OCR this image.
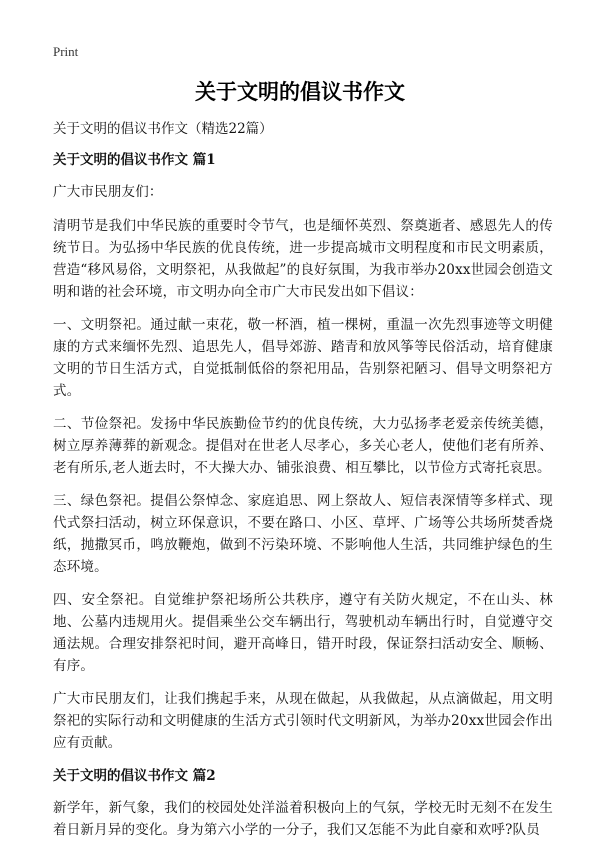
Print
关于文明的倡议书作文

关于文明的倡议书作文（精选22篇）

关于文明的倡议书作文 篇1

广大市民朋友们：

清明节是我们中华民族的重要时令节气，也是缅怀英烈、祭奠逝者、感恩先人的传统节日。为弘扬中华民族的优良传统，进一步提高城市文明程度和市民文明素质，营造“移风易俗，文明祭祀，从我做起”的良好氛围，为我市举办20xx世园会创造文明和谐的社会环境，市文明办向全市广大市民发出如下倡议：

一、文明祭祀。通过献一束花，敬一杯酒，植一棵树，重温一次先烈事迹等文明健康的方式来缅怀先烈、追思先人，倡导郊游、踏青和放风筝等民俗活动，培育健康文明的节日生活方式，自觉抵制低俗的祭祀用品，告别祭祀陋习、倡导文明祭祀方式。

二、节俭祭祀。发扬中华民族勤俭节约的优良传统，大力弘扬孝老爱亲传统美德，树立厚养薄葬的新观念。提倡对在世老人尽孝心，多关心老人，使他们老有所养、老有所乐,老人逝去时，不大操大办、铺张浪费、相互攀比，以节俭方式寄托哀思。

三、绿色祭祀。提倡公祭悼念、家庭追思、网上祭故人、短信表深情等多样式、现代式祭扫活动，树立环保意识，不要在路口、小区、草坪、广场等公共场所焚香烧纸，抛撒冥币，鸣放鞭炮，做到不污染环境、不影响他人生活，共同维护绿色的生态环境。

四、安全祭祀。自觉维护祭祀场所公共秩序，遵守有关防火规定，不在山头、林地、公墓内违规用火。提倡乘坐公交车辆出行，驾驶机动车辆出行时，自觉遵守交通法规。合理安排祭祀时间，避开高峰日，错开时段，保证祭扫活动安全、顺畅、有序。

广大市民朋友们，让我们携起手来，从现在做起，从我做起，从点滴做起，用文明祭祀的实际行动和文明健康的生活方式引领时代文明新风，为举办20xx世园会作出应有贡献。

关于文明的倡议书作文 篇2

新学年，新气象，我们的校园处处洋溢着积极向上的气氛，学校无时无刻不在发生着日新月异的变化。身为第六小学的一分子，我们又怎能不为此自豪和欢呼?队员
